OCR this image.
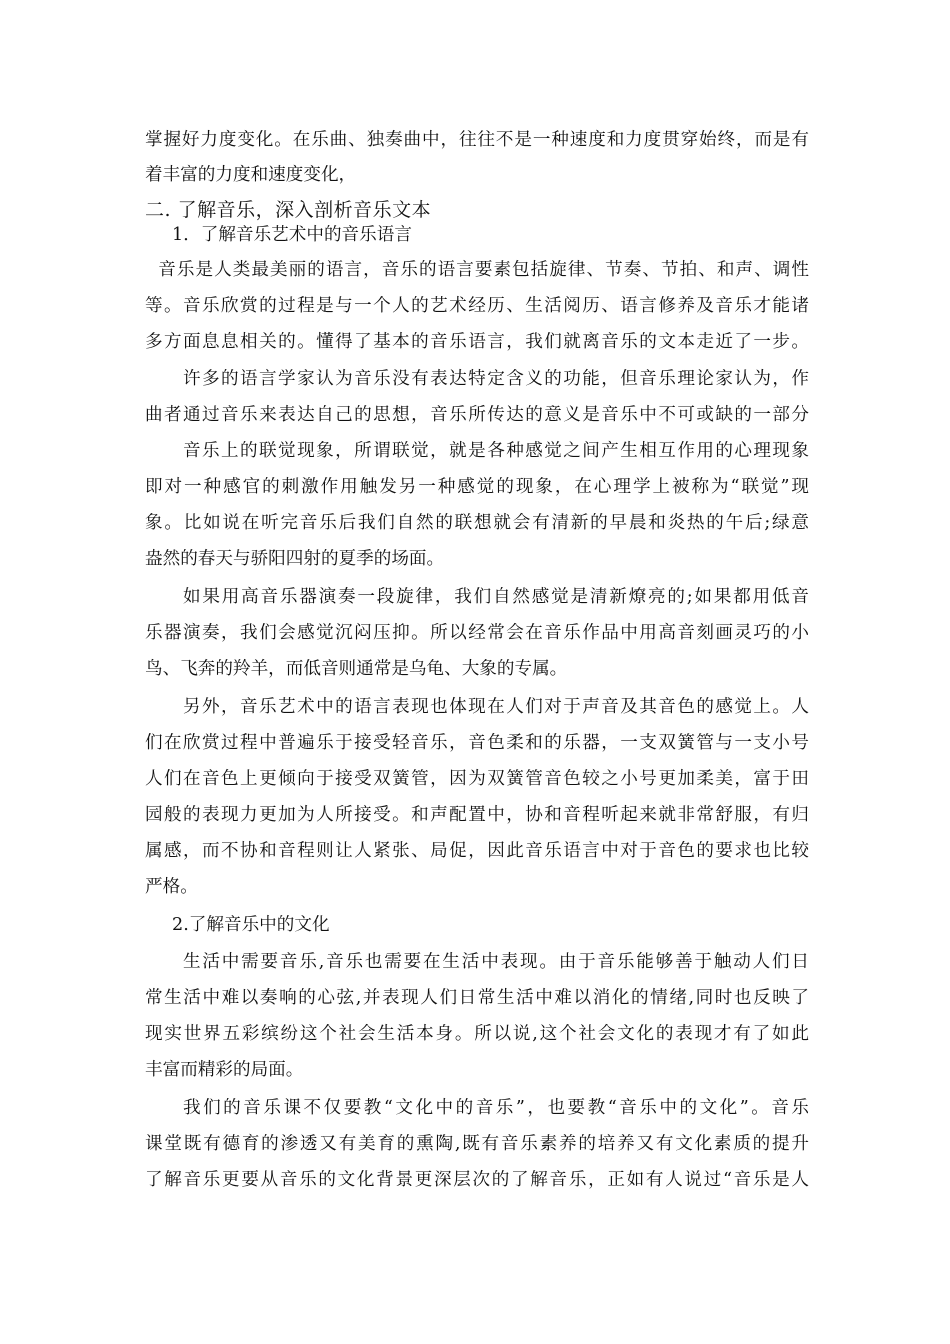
掌握好力度变化。在乐曲、独奏曲中，往往不是一种速度和力度贯穿始终，而是有
着丰富的力度和速度变化，
二. 了解音乐，深入剖析音乐文本
1．了解音乐艺术中的音乐语言
音乐是人类最美丽的语言，音乐的语言要素包括旋律、节奏、节拍、和声、调性
等。音乐欣赏的过程是与一个人的艺术经历、生活阅历、语言修养及音乐才能诸
多方面息息相关的。懂得了基本的音乐语言，我们就离音乐的文本走近了一步。
许多的语言学家认为音乐没有表达特定含义的功能，但音乐理论家认为，作
曲者通过音乐来表达自己的思想，音乐所传达的意义是音乐中不可或缺的一部分
音乐上的联觉现象，所谓联觉，就是各种感觉之间产生相互作用的心理现象
即对一种感官的刺激作用触发另一种感觉的现象，在心理学上被称为“联觉”现
象。比如说在听完音乐后我们自然的联想就会有清新的早晨和炎热的午后;绿意
盎然的春天与骄阳四射的夏季的场面。
如果用高音乐器演奏一段旋律，我们自然感觉是清新燎亮的;如果都用低音
乐器演奏，我们会感觉沉闷压抑。所以经常会在音乐作品中用高音刻画灵巧的小
鸟、飞奔的羚羊，而低音则通常是乌龟、大象的专属。
另外，音乐艺术中的语言表现也体现在人们对于声音及其音色的感觉上。人
们在欣赏过程中普遍乐于接受轻音乐，音色柔和的乐器，一支双簧管与一支小号
人们在音色上更倾向于接受双簧管，因为双簧管音色较之小号更加柔美，富于田
园般的表现力更加为人所接受。和声配置中，协和音程听起来就非常舒服，有归
属感，而不协和音程则让人紧张、局促，因此音乐语言中对于音色的要求也比较
严格。
2.了解音乐中的文化
生活中需要音乐,音乐也需要在生活中表现。由于音乐能够善于触动人们日
常生活中难以奏响的心弦,并表现人们日常生活中难以消化的情绪,同时也反映了
现实世界五彩缤纷这个社会生活本身。所以说,这个社会文化的表现才有了如此
丰富而精彩的局面。
我们的音乐课不仅要教“文化中的音乐”，也要教“音乐中的文化”。音乐
课堂既有德育的渗透又有美育的熏陶,既有音乐素养的培养又有文化素质的提升
了解音乐更要从音乐的文化背景更深层次的了解音乐，正如有人说过“音乐是人
